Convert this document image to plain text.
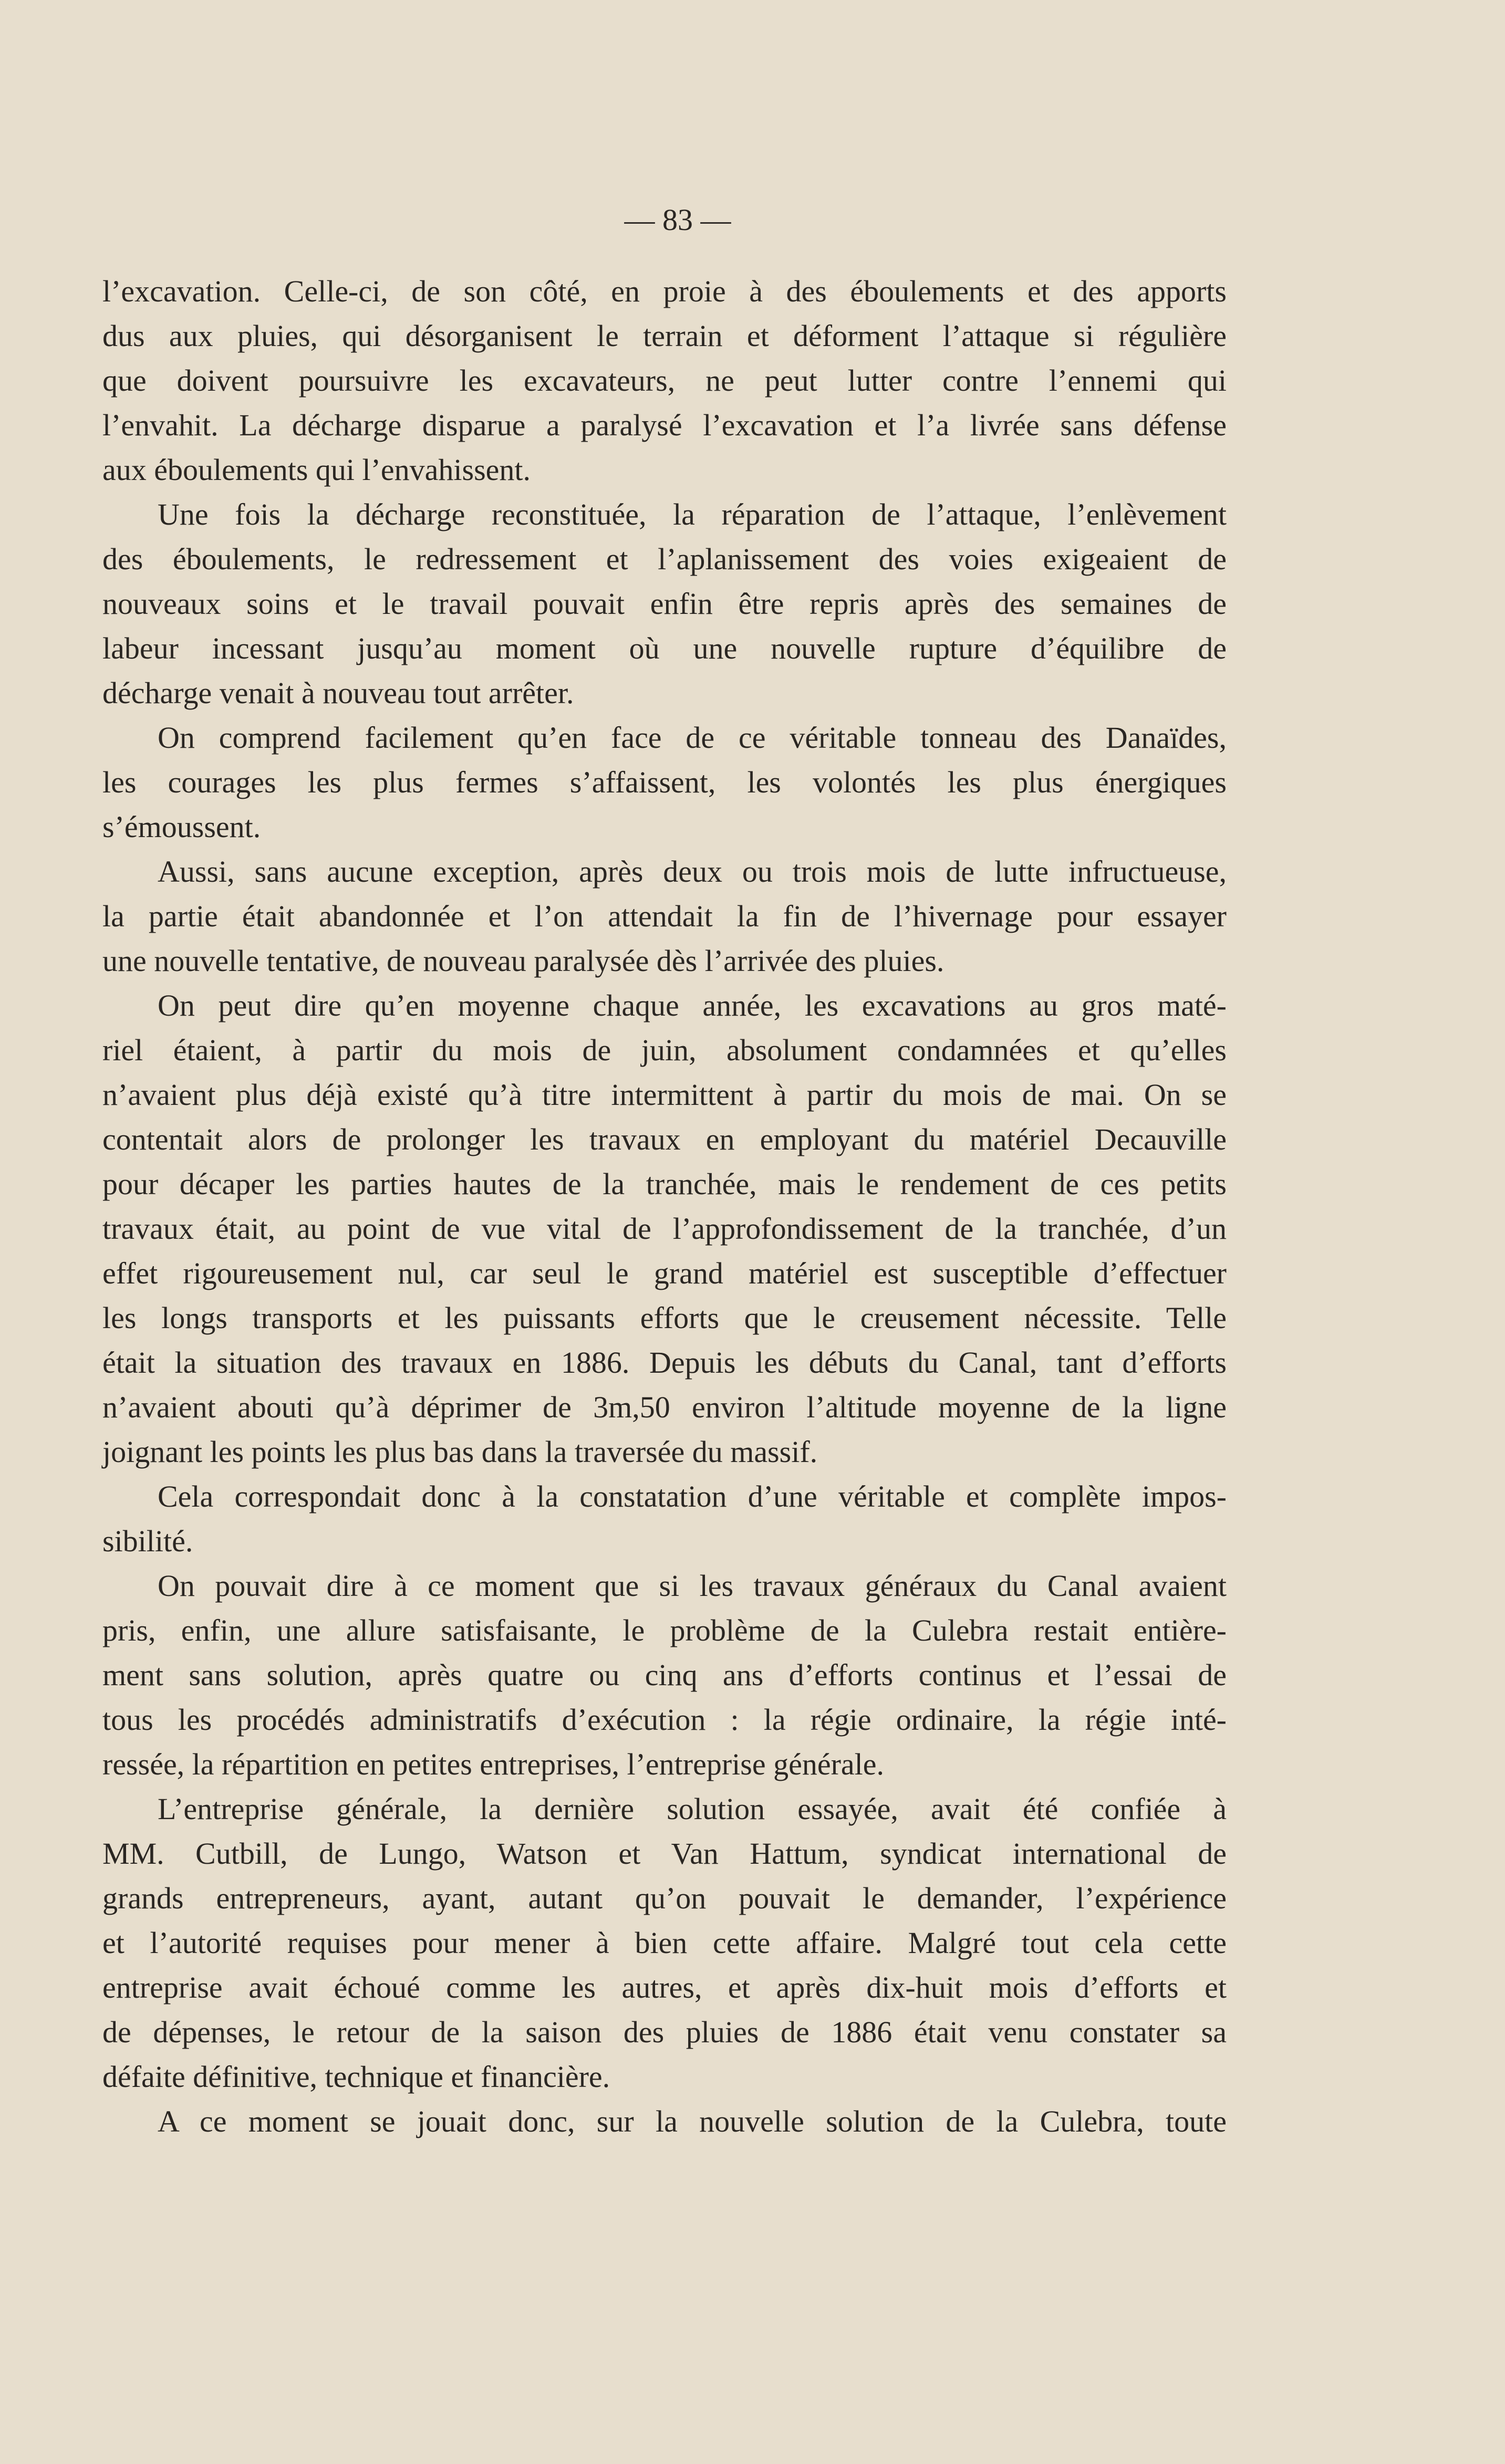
— 83 —
l’excavation. Celle-ci, de son côté, en proie à des éboulements et des apports
dus aux pluies, qui désorganisent le terrain et déforment l’attaque si régulière
que doivent poursuivre les excavateurs, ne peut lutter contre l’ennemi qui
l’envahit. La décharge disparue a paralysé l’excavation et l’a livrée sans défense
aux éboulements qui l’envahissent.
Une fois la décharge reconstituée, la réparation de l’attaque, l’enlèvement
des éboulements, le redressement et l’aplanissement des voies exigeaient de
nouveaux soins et le travail pouvait enfin être repris après des semaines de
labeur incessant jusqu’au moment où une nouvelle rupture d’équilibre de
décharge venait à nouveau tout arrêter.
On comprend facilement qu’en face de ce véritable tonneau des Danaïdes,
les courages les plus fermes s’affaissent, les volontés les plus énergiques
s’émoussent.
Aussi, sans aucune exception, après deux ou trois mois de lutte infructueuse,
la partie était abandonnée et l’on attendait la fin de l’hivernage pour essayer
une nouvelle tentative, de nouveau paralysée dès l’arrivée des pluies.
On peut dire qu’en moyenne chaque année, les excavations au gros maté-
riel étaient, à partir du mois de juin, absolument condamnées et qu’elles
n’avaient plus déjà existé qu’à titre intermittent à partir du mois de mai. On se
contentait alors de prolonger les travaux en employant du matériel Decauville
pour décaper les parties hautes de la tranchée, mais le rendement de ces petits
travaux était, au point de vue vital de l’approfondissement de la tranchée, d’un
effet rigoureusement nul, car seul le grand matériel est susceptible d’effectuer
les longs transports et les puissants efforts que le creusement nécessite. Telle
était la situation des travaux en 1886. Depuis les débuts du Canal, tant d’efforts
n’avaient abouti qu’à déprimer de 3m,50 environ l’altitude moyenne de la ligne
joignant les points les plus bas dans la traversée du massif.
Cela correspondait donc à la constatation d’une véritable et complète impos-
sibilité.
On pouvait dire à ce moment que si les travaux généraux du Canal avaient
pris, enfin, une allure satisfaisante, le problème de la Culebra restait entière-
ment sans solution, après quatre ou cinq ans d’efforts continus et l’essai de
tous les procédés administratifs d’exécution : la régie ordinaire, la régie inté-
ressée, la répartition en petites entreprises, l’entreprise générale.
L’entreprise générale, la dernière solution essayée, avait été confiée à
MM. Cutbill, de Lungo, Watson et Van Hattum, syndicat international de
grands entrepreneurs, ayant, autant qu’on pouvait le demander, l’expérience
et l’autorité requises pour mener à bien cette affaire. Malgré tout cela cette
entreprise avait échoué comme les autres, et après dix-huit mois d’efforts et
de dépenses, le retour de la saison des pluies de 1886 était venu constater sa
défaite définitive, technique et financière.
A ce moment se jouait donc, sur la nouvelle solution de la Culebra, toute
